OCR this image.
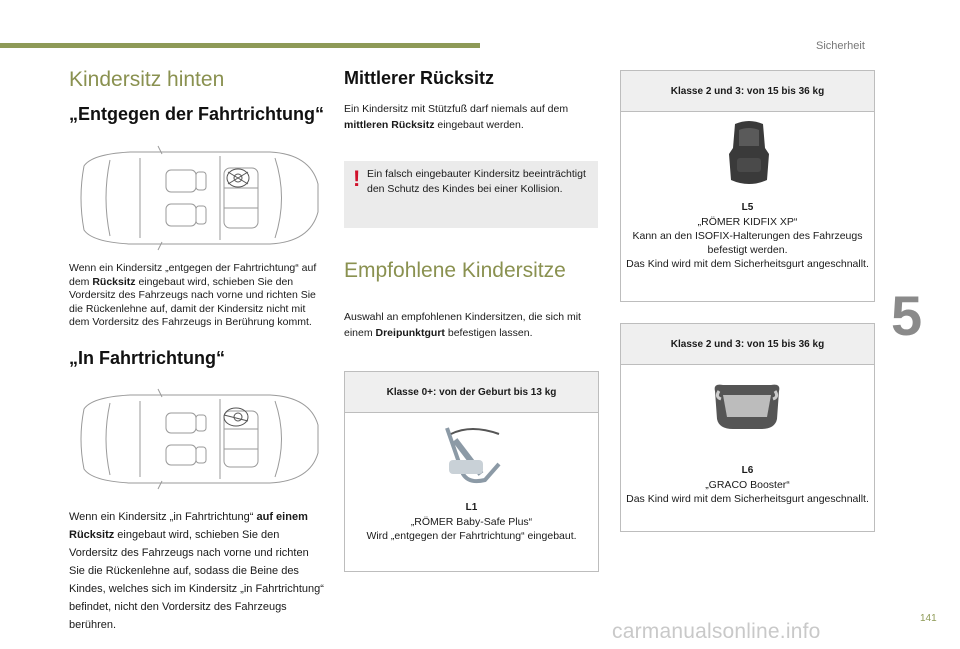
Sicherheit
5
141
carmanualsonline.info
Kindersitz hinten
„Entgegen der Fahrtrichtung“
Wenn ein Kindersitz „entgegen der Fahrtrichtung“ auf dem Rücksitz eingebaut wird, schieben Sie den Vordersitz des Fahrzeugs nach vorne und richten Sie die Rückenlehne auf, damit der Kindersitz nicht mit dem Vordersitz des Fahrzeugs in Berührung kommt.
„In Fahrtrichtung“
Wenn ein Kindersitz „in Fahrtrichtung“ auf einem Rücksitz eingebaut wird, schieben Sie den Vordersitz des Fahrzeugs nach vorne und richten Sie die Rückenlehne auf, sodass die Beine des Kindes, welches sich im Kindersitz „in Fahrtrichtung“ befindet, nicht den Vordersitz des Fahrzeugs berühren.
Mittlerer Rücksitz
Ein Kindersitz mit Stützfuß darf niemals auf dem mittleren Rücksitz eingebaut werden.
! Ein falsch eingebauter Kindersitz beeinträchtigt den Schutz des Kindes bei einer Kollision.
Empfohlene Kindersitze
Auswahl an empfohlenen Kindersitzen, die sich mit einem Dreipunktgurt befestigen lassen.
Klasse 0+: von der Geburt bis 13 kg
L1
„RÖMER Baby-Safe Plus“
Wird „entgegen der Fahrtrichtung“ eingebaut.
Klasse 2 und 3: von 15 bis 36 kg
L5
„RÖMER KIDFIX XP“
Kann an den ISOFIX-Halterungen des Fahrzeugs befestigt werden.
Das Kind wird mit dem Sicherheitsgurt angeschnallt.
Klasse 2 und 3: von 15 bis 36 kg
L6
„GRACO Booster“
Das Kind wird mit dem Sicherheitsgurt angeschnallt.
